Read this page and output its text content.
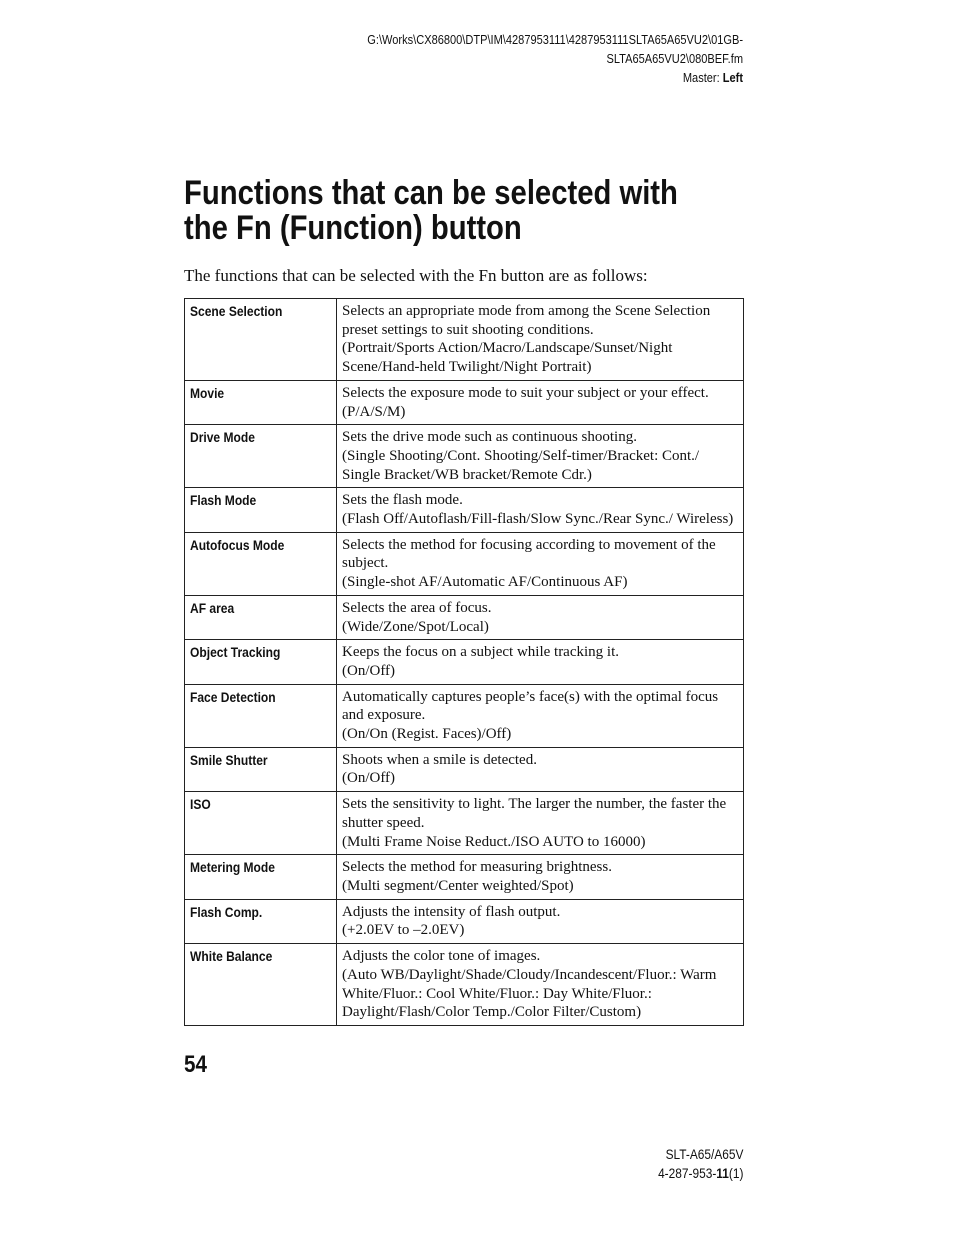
G:\Works\CX86800\DTP\IM\4287953111\4287953111SLTA65A65VU2\01GB-
SLTA65A65VU2\080BEF.fm
Master: Left
Functions that can be selected with
the Fn (Function) button

The functions that can be selected with the Fn button are as follows:

Scene Selection	Selects an appropriate mode from among the Scene Selection preset settings to suit shooting conditions.
(Portrait/Sports Action/Macro/Landscape/Sunset/Night Scene/Hand-held Twilight/Night Portrait)

Movie	Selects the exposure mode to suit your subject or your effect.
(P/A/S/M)

Drive Mode	Sets the drive mode such as continuous shooting.
(Single Shooting/Cont. Shooting/Self-timer/Bracket: Cont./ Single Bracket/WB bracket/Remote Cdr.)

Flash Mode	Sets the flash mode.
(Flash Off/Autoflash/Fill-flash/Slow Sync./Rear Sync./ Wireless)

Autofocus Mode	Selects the method for focusing according to movement of the subject.
(Single-shot AF/Automatic AF/Continuous AF)

AF area	Selects the area of focus.
(Wide/Zone/Spot/Local)

Object Tracking	Keeps the focus on a subject while tracking it.
(On/Off)

Face Detection	Automatically captures people’s face(s) with the optimal focus and exposure.
(On/On (Regist. Faces)/Off)

Smile Shutter	Shoots when a smile is detected.
(On/Off)

ISO	Sets the sensitivity to light. The larger the number, the faster the shutter speed.
(Multi Frame Noise Reduct./ISO AUTO to 16000)

Metering Mode	Selects the method for measuring brightness.
(Multi segment/Center weighted/Spot)

Flash Comp.	Adjusts the intensity of flash output.
(+2.0EV to –2.0EV)

White Balance	Adjusts the color tone of images.
(Auto WB/Daylight/Shade/Cloudy/Incandescent/Fluor.: Warm White/Fluor.: Cool White/Fluor.: Day White/Fluor.: Daylight/Flash/Color Temp./Color Filter/Custom)
54
SLT-A65/A65V
4-287-953-11(1)
